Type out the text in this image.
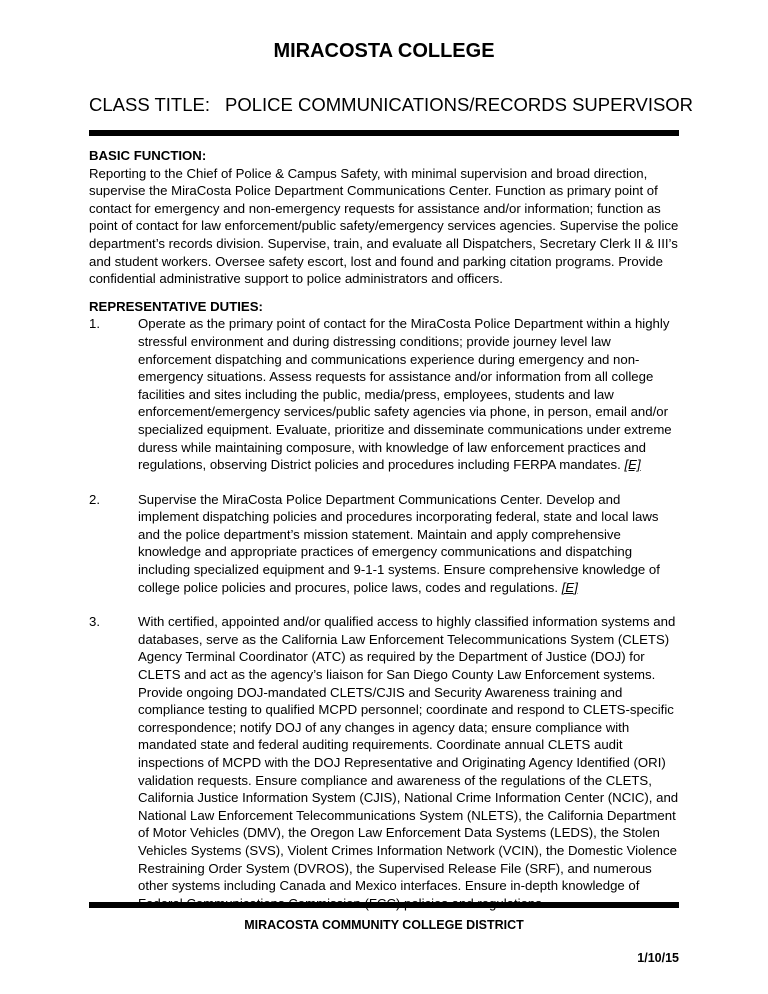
MIRACOSTA COLLEGE
CLASS TITLE: POLICE COMMUNICATIONS/RECORDS SUPERVISOR

BASIC FUNCTION:

Reporting to the Chief of Police & Campus Safety, with minimal supervision and broad direction, supervise the MiraCosta Police Department Communications Center. Function as primary point of contact for emergency and non-emergency requests for assistance and/or information; function as point of contact for law enforcement/public safety/emergency services agencies. Supervise the police department’s records division. Supervise, train, and evaluate all Dispatchers, Secretary Clerk II & III’s and student workers. Oversee safety escort, lost and found and parking citation programs. Provide confidential administrative support to police administrators and officers.

REPRESENTATIVE DUTIES:

1.	Operate as the primary point of contact for the MiraCosta Police Department within a highly stressful environment and during distressing conditions; provide journey level law enforcement dispatching and communications experience during emergency and non-emergency situations. Assess requests for assistance and/or information from all college facilities and sites including the public, media/press, employees, students and law enforcement/emergency services/public safety agencies via phone, in person, email and/or specialized equipment. Evaluate, prioritize and disseminate communications under extreme duress while maintaining composure, with knowledge of law enforcement practices and regulations, observing District policies and procedures including FERPA mandates. [E]
2.	Supervise the MiraCosta Police Department Communications Center. Develop and implement dispatching policies and procedures incorporating federal, state and local laws and the police department’s mission statement. Maintain and apply comprehensive knowledge and appropriate practices of emergency communications and dispatching including specialized equipment and 9-1-1 systems. Ensure comprehensive knowledge of college police policies and procures, police laws, codes and regulations. [E]
3.	With certified, appointed and/or qualified access to highly classified information systems and databases, serve as the California Law Enforcement Telecommunications System (CLETS) Agency Terminal Coordinator (ATC) as required by the Department of Justice (DOJ) for CLETS and act as the agency’s liaison for San Diego County Law Enforcement systems. Provide ongoing DOJ-mandated CLETS/CJIS and Security Awareness training and compliance testing to qualified MCPD personnel; coordinate and respond to CLETS-specific correspondence; notify DOJ of any changes in agency data; ensure compliance with mandated state and federal auditing requirements. Coordinate annual CLETS audit inspections of MCPD with the DOJ Representative and Originating Agency Identified (ORI) validation requests. Ensure compliance and awareness of the regulations of the CLETS, California Justice Information System (CJIS), National Crime Information Center (NCIC), and National Law Enforcement Telecommunications System (NLETS), the California Department of Motor Vehicles (DMV), the Oregon Law Enforcement Data Systems (LEDS), the Stolen Vehicles Systems (SVS), Violent Crimes Information Network (VCIN), the Domestic Violence Restraining Order System (DVROS), the Supervised Release File (SRF), and numerous other systems including Canada and Mexico interfaces. Ensure in-depth knowledge of
MIRACOSTA COMMUNITY COLLEGE DISTRICT
1/10/15
